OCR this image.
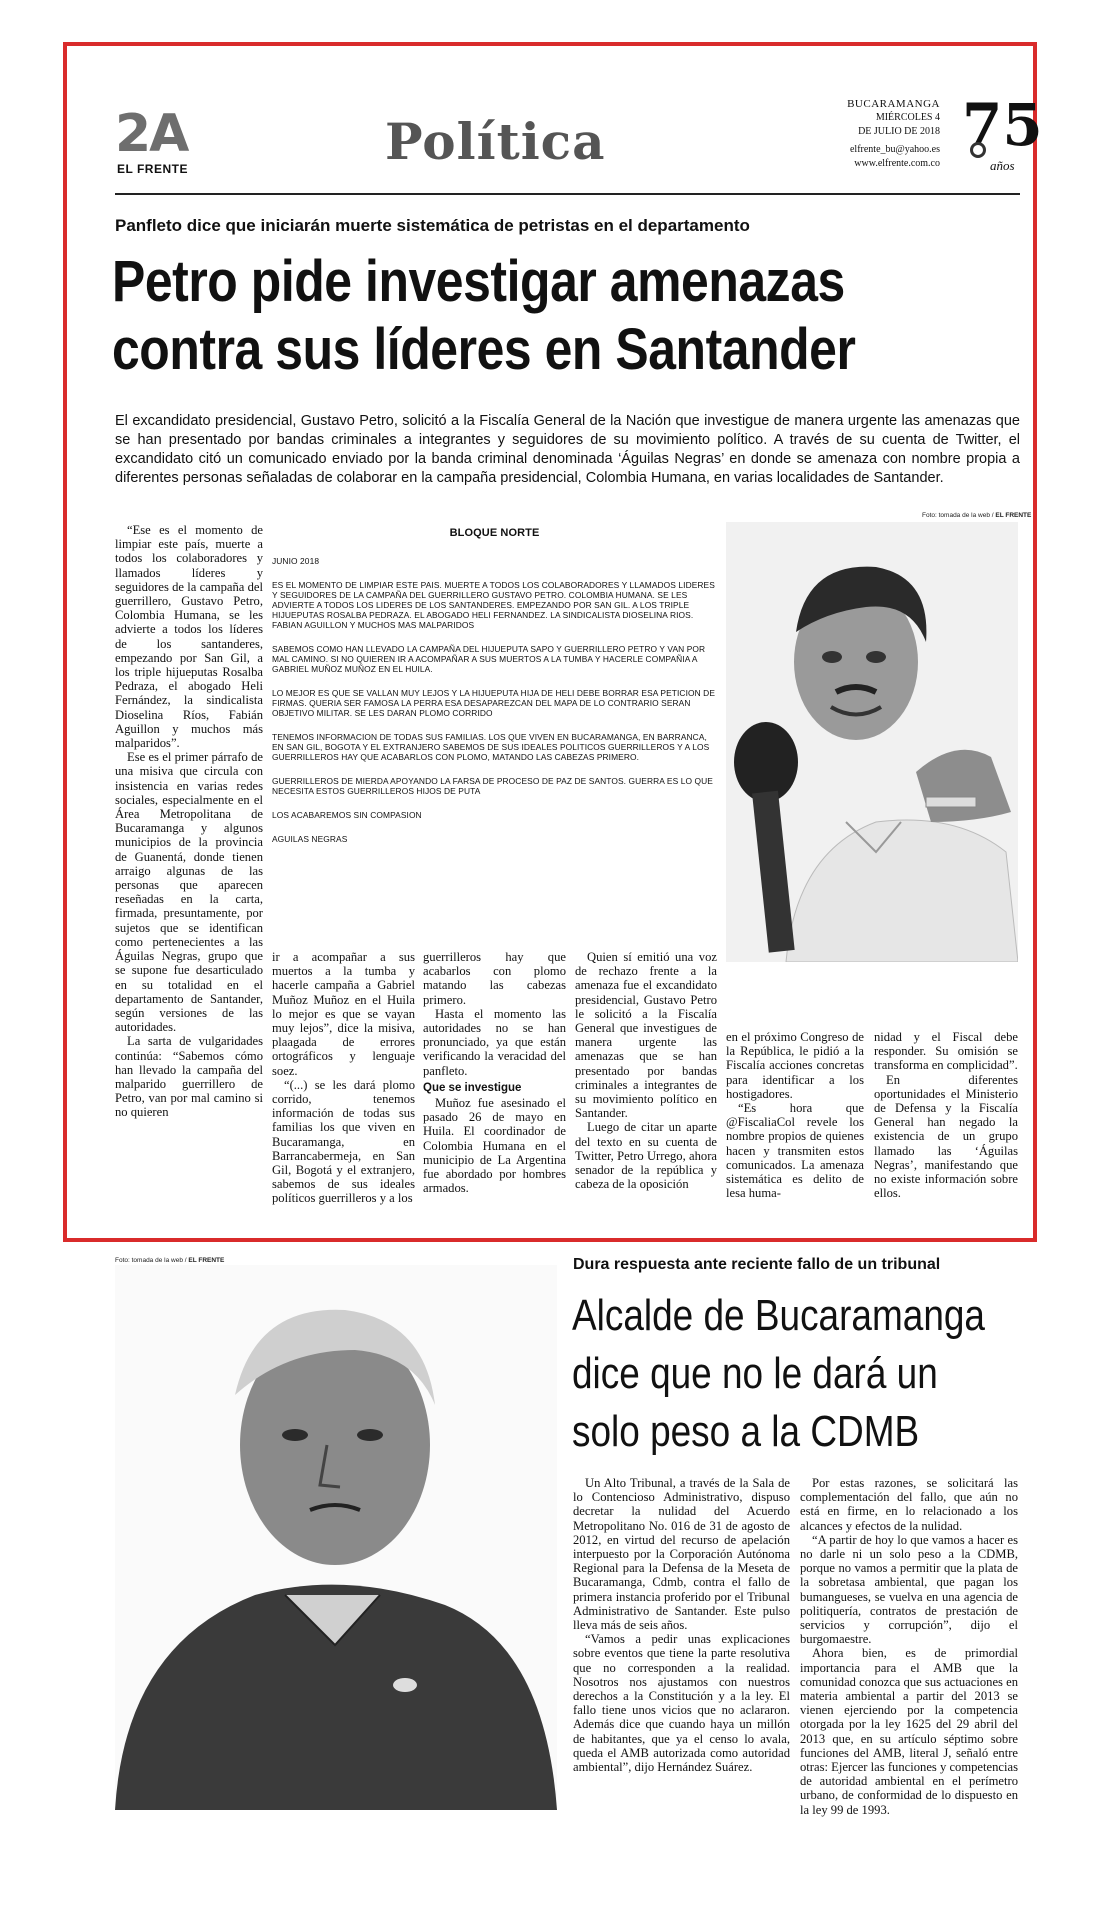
2A
EL FRENTE	Política
BUCARAMANGA
MIÉRCOLES 4
DE JULIO DE 2018
elfrente_bu@yahoo.es
www.elfrente.com.co
75
años
Panfleto dice que iniciarán muerte sistemática de petristas en el departamento
Petro pide investigar amenazas
contra sus líderes en Santander
El excandidato presidencial, Gustavo Petro, solicitó a la Fiscalía General de la Nación que investigue de manera urgente las amenazas que se han presentado por bandas criminales a integrantes y seguidores de su movimiento político. A través de su cuenta de Twitter, el excandidato citó un comunicado enviado por la banda criminal denominada ‘Águilas Negras’ en donde se amenaza con nombre propia a diferentes personas señaladas de colaborar en la campaña presidencial, Colombia Humana, en varias localidades de Santander.
Foto: tomada de la web / EL FRENTE

“Ese es el momento de limpiar este país, muerte a todos los colaboradores y llamados líderes y seguidores de la campaña del guerrillero, Gustavo Petro, Colombia Humana, se les advierte a todos los líderes de los santanderes, empezando por San Gil, a los triple hijueputas Rosalba Pedraza, el abogado Heli Fernández, la sindicalista Dioselina Ríos, Fabián Aguillon y muchos más malparidos”.

Ese es el primer párrafo de una misiva que circula con insistencia en varias redes sociales, especialmente en el Área Metropolitana de Bucaramanga y algunos municipios de la provincia de Guanentá, donde tienen arraigo algunas de las personas que aparecen reseñadas en la carta, firmada, presuntamente, por sujetos que se identifican como pertenecientes a las Águilas Negras, grupo que se supone fue desarticulado en su totalidad en el departamento de Santander, según versiones de las autoridades.

La sarta de vulgaridades continúa: “Sabemos cómo han llevado la campaña del malparido guerrillero de Petro, van por mal camino si no quieren

BLOQUE NORTE

JUNIO 2018

ES EL MOMENTO DE LIMPIAR ESTE PAIS. MUERTE A TODOS LOS COLABORADORES Y LLAMADOS LIDERES Y SEGUIDORES DE LA CAMPAÑA DEL GUERRILLERO GUSTAVO PETRO. COLOMBIA HUMANA. SE LES ADVIERTE A TODOS LOS LIDERES DE LOS SANTANDERES. EMPEZANDO POR SAN GIL. A LOS TRIPLE HIJUEPUTAS ROSALBA PEDRAZA. EL ABOGADO HELI FERNANDEZ. LA SINDICALISTA DIOSELINA RIOS. FABIAN AGUILLON Y MUCHOS MAS MALPARIDOS

SABEMOS COMO HAN LLEVADO LA CAMPAÑA DEL HIJUEPUTA SAPO Y GUERRILLERO PETRO Y VAN POR MAL CAMINO. SI NO QUIEREN IR A ACOMPAÑAR A SUS MUERTOS A LA TUMBA Y HACERLE COMPAÑIA A GABRIEL MUÑOZ MUÑOZ EN EL HUILA.

LO MEJOR ES QUE SE VALLAN MUY LEJOS Y LA HIJUEPUTA HIJA DE HELI DEBE BORRAR ESA PETICION DE FIRMAS. QUERIA SER FAMOSA LA PERRA ESA DESAPAREZCAN DEL MAPA DE LO CONTRARIO SERAN OBJETIVO MILITAR. SE LES DARAN PLOMO CORRIDO

TENEMOS INFORMACION DE TODAS SUS FAMILIAS. LOS QUE VIVEN EN BUCARAMANGA, EN BARRANCA, EN SAN GIL, BOGOTA Y EL EXTRANJERO SABEMOS DE SUS IDEALES POLITICOS GUERRILLEROS Y A LOS GUERRILLEROS HAY QUE ACABARLOS CON PLOMO, MATANDO LAS CABEZAS PRIMERO.

GUERRILLEROS DE MIERDA APOYANDO LA FARSA DE PROCESO DE PAZ DE SANTOS. GUERRA ES LO QUE NECESITA ESTOS GUERRILLEROS HIJOS DE PUTA

LOS ACABAREMOS SIN COMPASION

AGUILAS NEGRAS

ir a acompañar a sus muertos a la tumba y hacerle campaña a Gabriel Muñoz Muñoz en el Huila lo mejor es que se vayan muy lejos”, dice la misiva, plaagada de errores ortográficos y lenguaje soez.

“(...) se les dará plomo corrido, tenemos información de todas sus familias los que viven en Bucaramanga, en Barrancabermeja, en San Gil, Bogotá y el extranjero, sabemos de sus ideales políticos guerrilleros y a los

guerrilleros hay que acabarlos con plomo matando las cabezas primero.

Hasta el momento las autoridades no se han pronunciado, ya que están verificando la veracidad del panfleto.

Que se investigue

Muñoz fue asesinado el pasado 26 de mayo en Huila. El coordinador de Colombia Humana en el municipio de La Argentina fue abordado por hombres armados.

Quien sí emitió una voz de rechazo frente a la amenaza fue el excandidato presidencial, Gustavo Petro le solicitó a la Fiscalía General que investigues de manera urgente las amenazas que se han presentado por bandas criminales a integrantes de su movimiento político en Santander.

Luego de citar un aparte del texto en su cuenta de Twitter, Petro Urrego, ahora senador de la república y cabeza de la oposición

en el próximo Congreso de la República, le pidió a la Fiscalía acciones concretas para identificar a los hostigadores.

“Es hora que @FiscaliaCol revele los nombre propios de quienes hacen y transmiten estos comunicados. La amenaza sistemática es delito de lesa huma-

nidad y el Fiscal debe responder. Su omisión se transforma en complicidad”.

En diferentes oportunidades el Ministerio de Defensa y la Fiscalía General han negado la existencia de un grupo llamado las ‘Águilas Negras’, manifestando que no existe información sobre ellos.

Foto: tomada de la web / EL FRENTE	Dura respuesta ante reciente fallo de un tribunal
Alcalde de Bucaramanga
dice que no le dará un
solo peso a la CDMB

Un Alto Tribunal, a través de la Sala de lo Contencioso Administrativo, dispuso decretar la nulidad del Acuerdo Metropolitano No. 016 de 31 de agosto de 2012, en virtud del recurso de apelación interpuesto por la Corporación Autónoma Regional para la Defensa de la Meseta de Bucaramanga, Cdmb, contra el fallo de primera instancia proferido por el Tribunal Administrativo de Santander. Este pulso lleva más de seis años.

“Vamos a pedir unas explicaciones sobre eventos que tiene la parte resolutiva que no corresponden a la realidad. Nosotros nos ajustamos con nuestros derechos a la Constitución y a la ley. El fallo tiene unos vicios que no aclararon. Además dice que cuando haya un millón de habitantes, que ya el censo lo avala, queda el AMB autorizada como autoridad ambiental”, dijo Hernández Suárez.

Por estas razones, se solicitará las complementación del fallo, que aún no está en firme, en lo relacionado a los alcances y efectos de la nulidad.

“A partir de hoy lo que vamos a hacer es no darle ni un solo peso a la CDMB, porque no vamos a permitir que la plata de la sobretasa ambiental, que pagan los bumangueses, se vuelva en una agencia de politiquería, contratos de prestación de servicios y corrupción”, dijo el burgomaestre.

Ahora bien, es de primordial importancia para el AMB que la comunidad conozca que sus actuaciones en materia ambiental a partir del 2013 se vienen ejerciendo por la competencia otorgada por la ley 1625 del 29 abril del 2013 que, en su artículo séptimo sobre funciones del AMB, literal J, señaló entre otras: Ejercer las funciones y competencias de autoridad ambiental en el perímetro urbano, de conformidad de lo dispuesto en la ley 99 de 1993.
